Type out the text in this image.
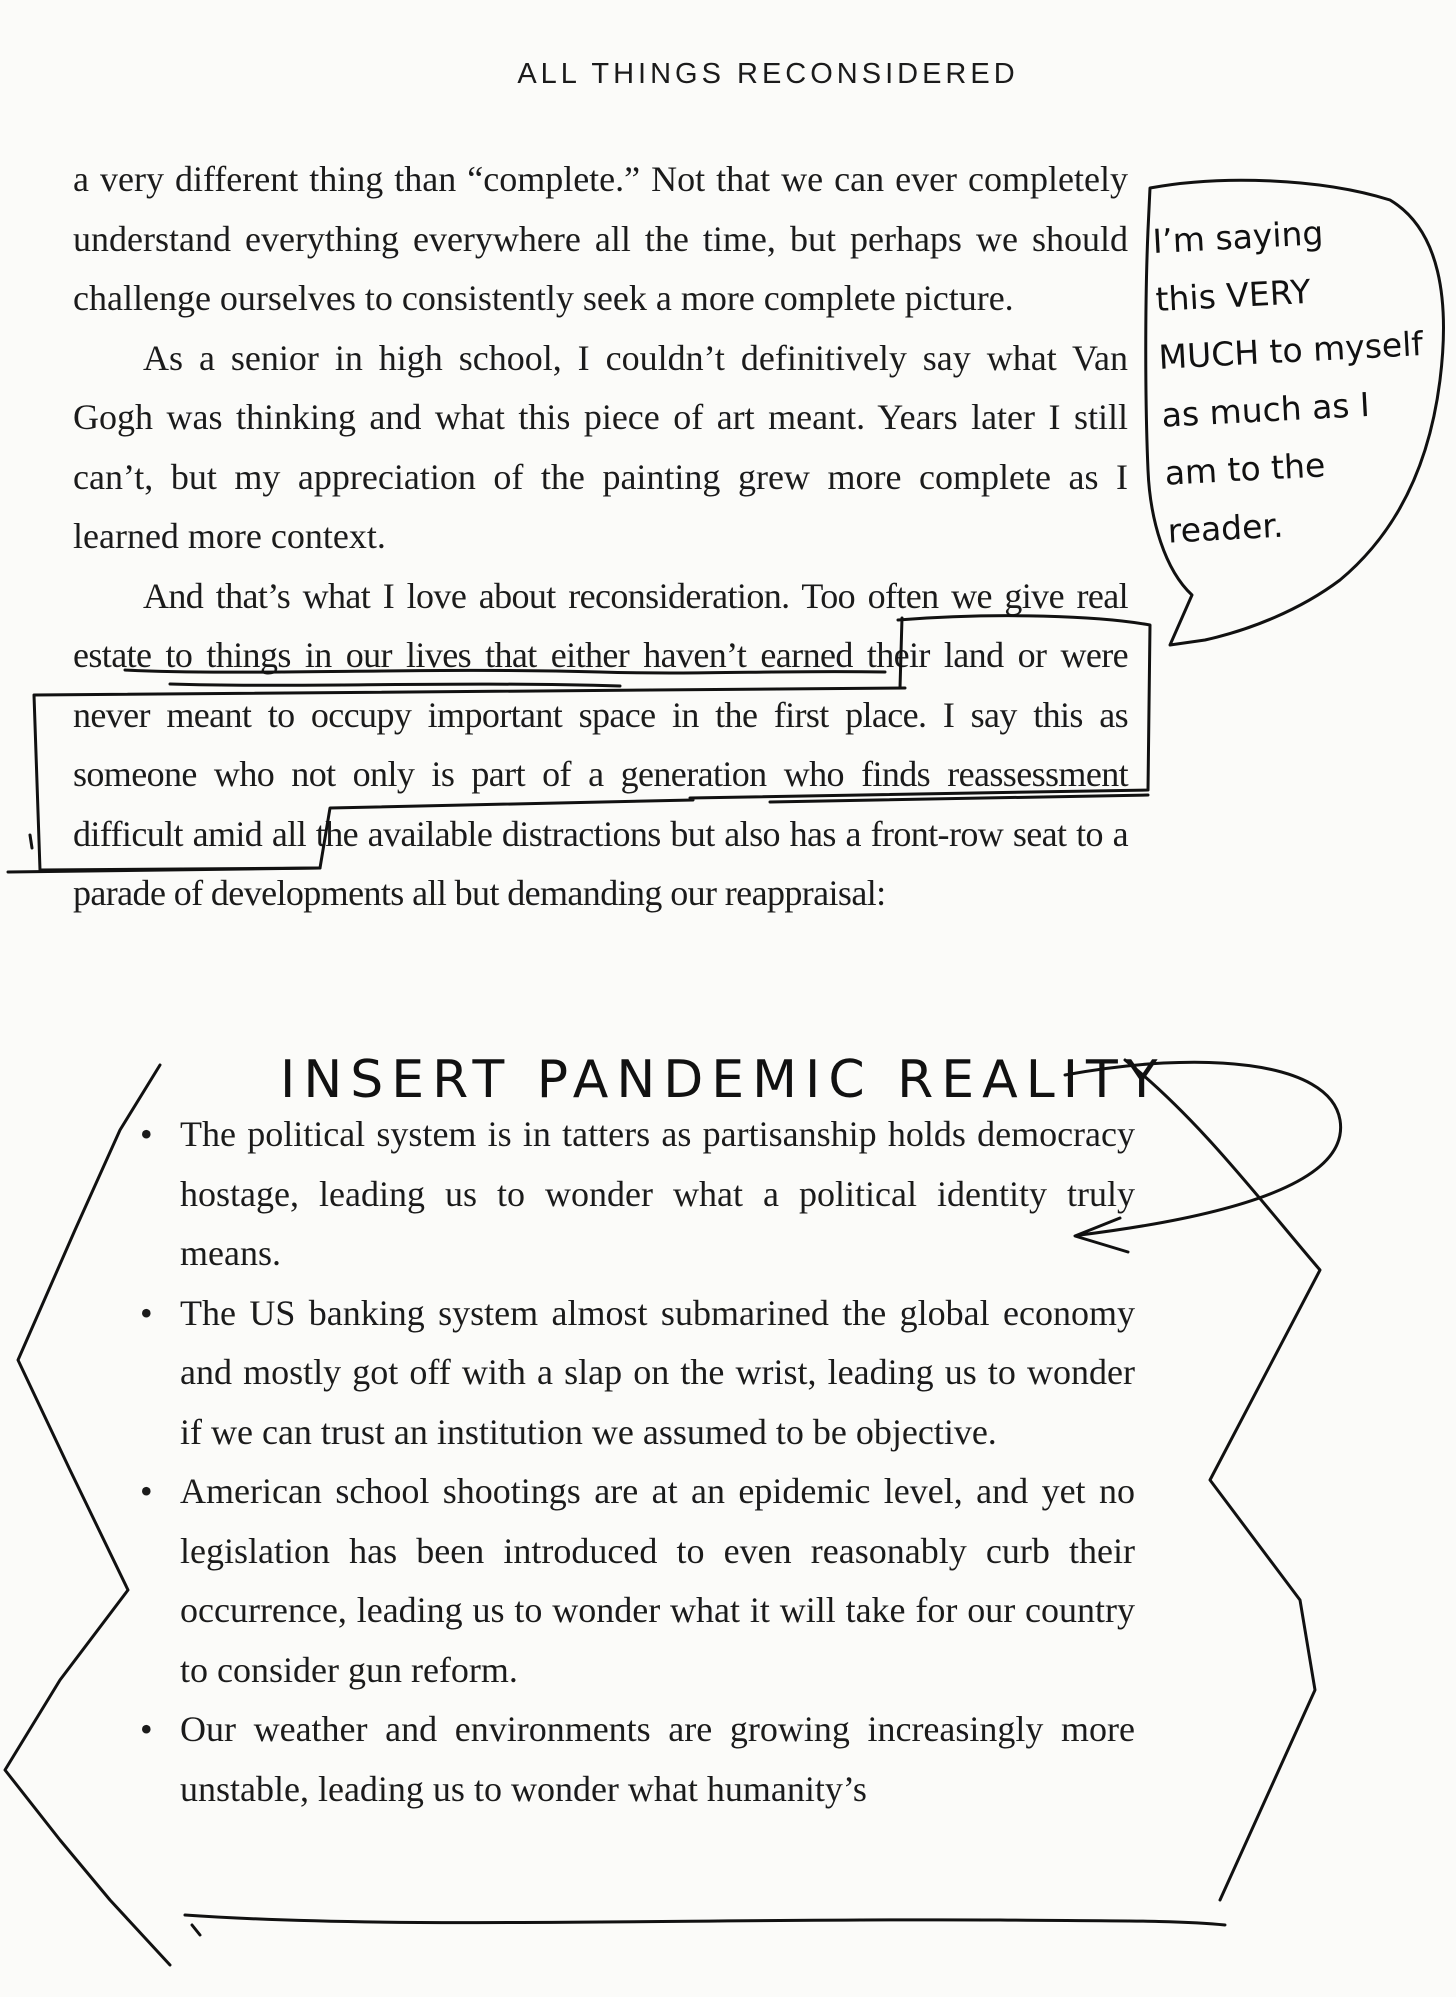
ALL THINGS RECONSIDERED

a very different thing than “complete.” Not that we can ever completely understand everything everywhere all the time, but perhaps we should challenge ourselves to consistently seek a more complete picture.

As a senior in high school, I couldn’t definitively say what Van Gogh was thinking and what this piece of art meant. Years later I still can’t, but my appreciation of the painting grew more complete as I learned more context.

And that’s what I love about reconsideration. Too often we give real estate to things in our lives that either haven’t earned their land or were never meant to occupy important space in the first place. I say this as someone who not only is part of a generation who finds reassessment difficult amid all the available distractions but also has a front-row seat to a parade of developments all but demanding our reappraisal:

• The political system is in tatters as partisanship holds democracy hostage, leading us to wonder what a political identity truly means.
• The US banking system almost submarined the global economy and mostly got off with a slap on the wrist, leading us to wonder if we can trust an institution we assumed to be objective.
• American school shootings are at an epidemic level, and yet no legislation has been introduced to even reasonably curb their occurrence, leading us to wonder what it will take for our country to consider gun reform.
• Our weather and environments are growing increasingly more unstable, leading us to wonder what humanity’s
I’m saying
this VERY
MUCH to myself
as much as I
am to the
reader.
INSERT PANDEMIC REALITY
